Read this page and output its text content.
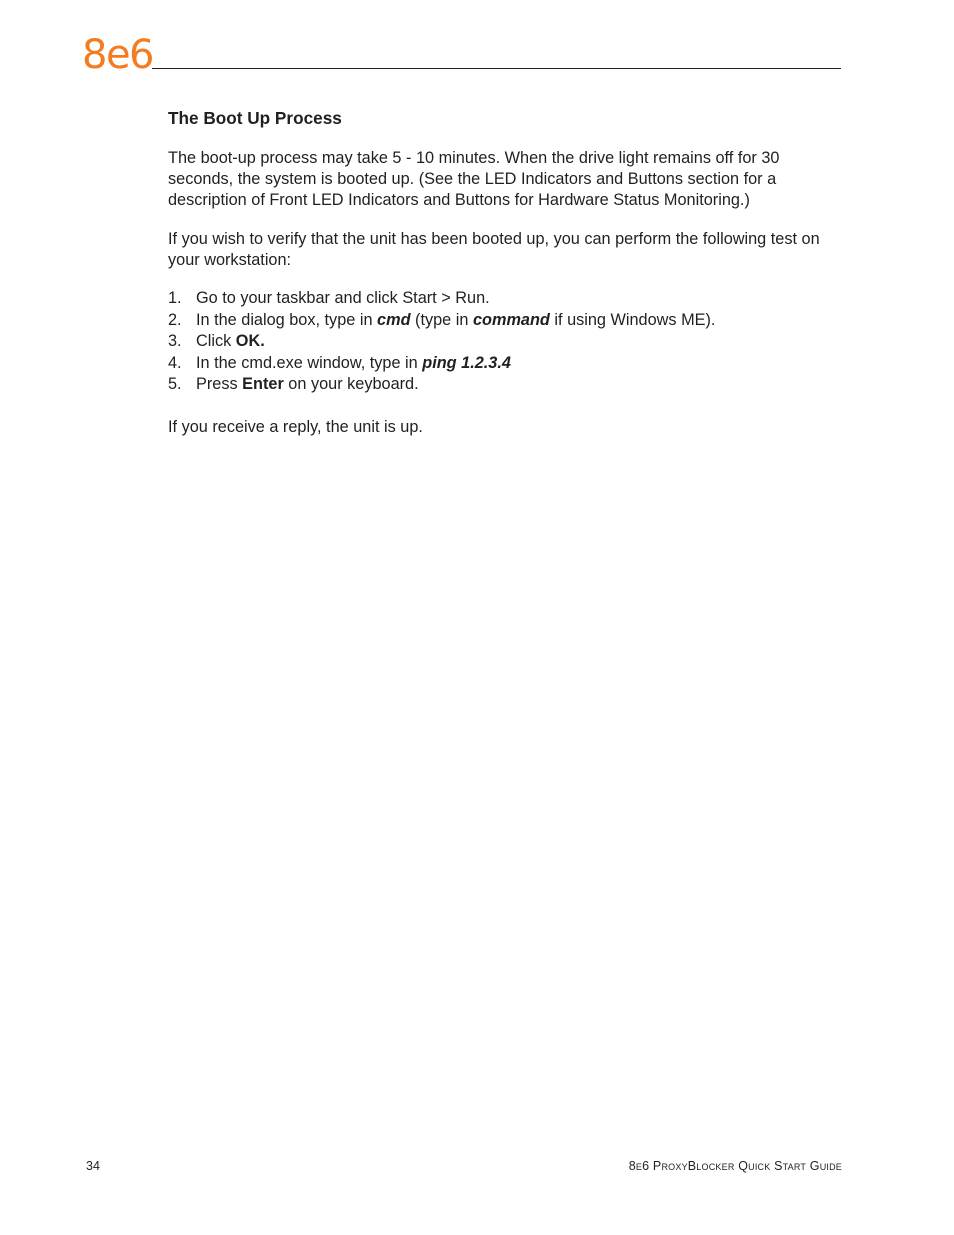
8e6
The Boot Up Process

The boot-up process may take 5 - 10 minutes. When the drive light remains off for 30 seconds, the system is booted up. (See the LED Indicators and Buttons section for a description of Front LED Indicators and Buttons for Hardware Status Monitoring.)

If you wish to verify that the unit has been booted up, you can perform the following test on your workstation:

1. Go to your taskbar and click Start > Run.
2. In the dialog box, type in cmd (type in command if using Windows ME).
3. Click OK.
4. In the cmd.exe window, type in ping 1.2.3.4
5. Press Enter on your keyboard.

If you receive a reply, the unit is up.

34	8e6 ProxyBlocker Quick Start Guide
